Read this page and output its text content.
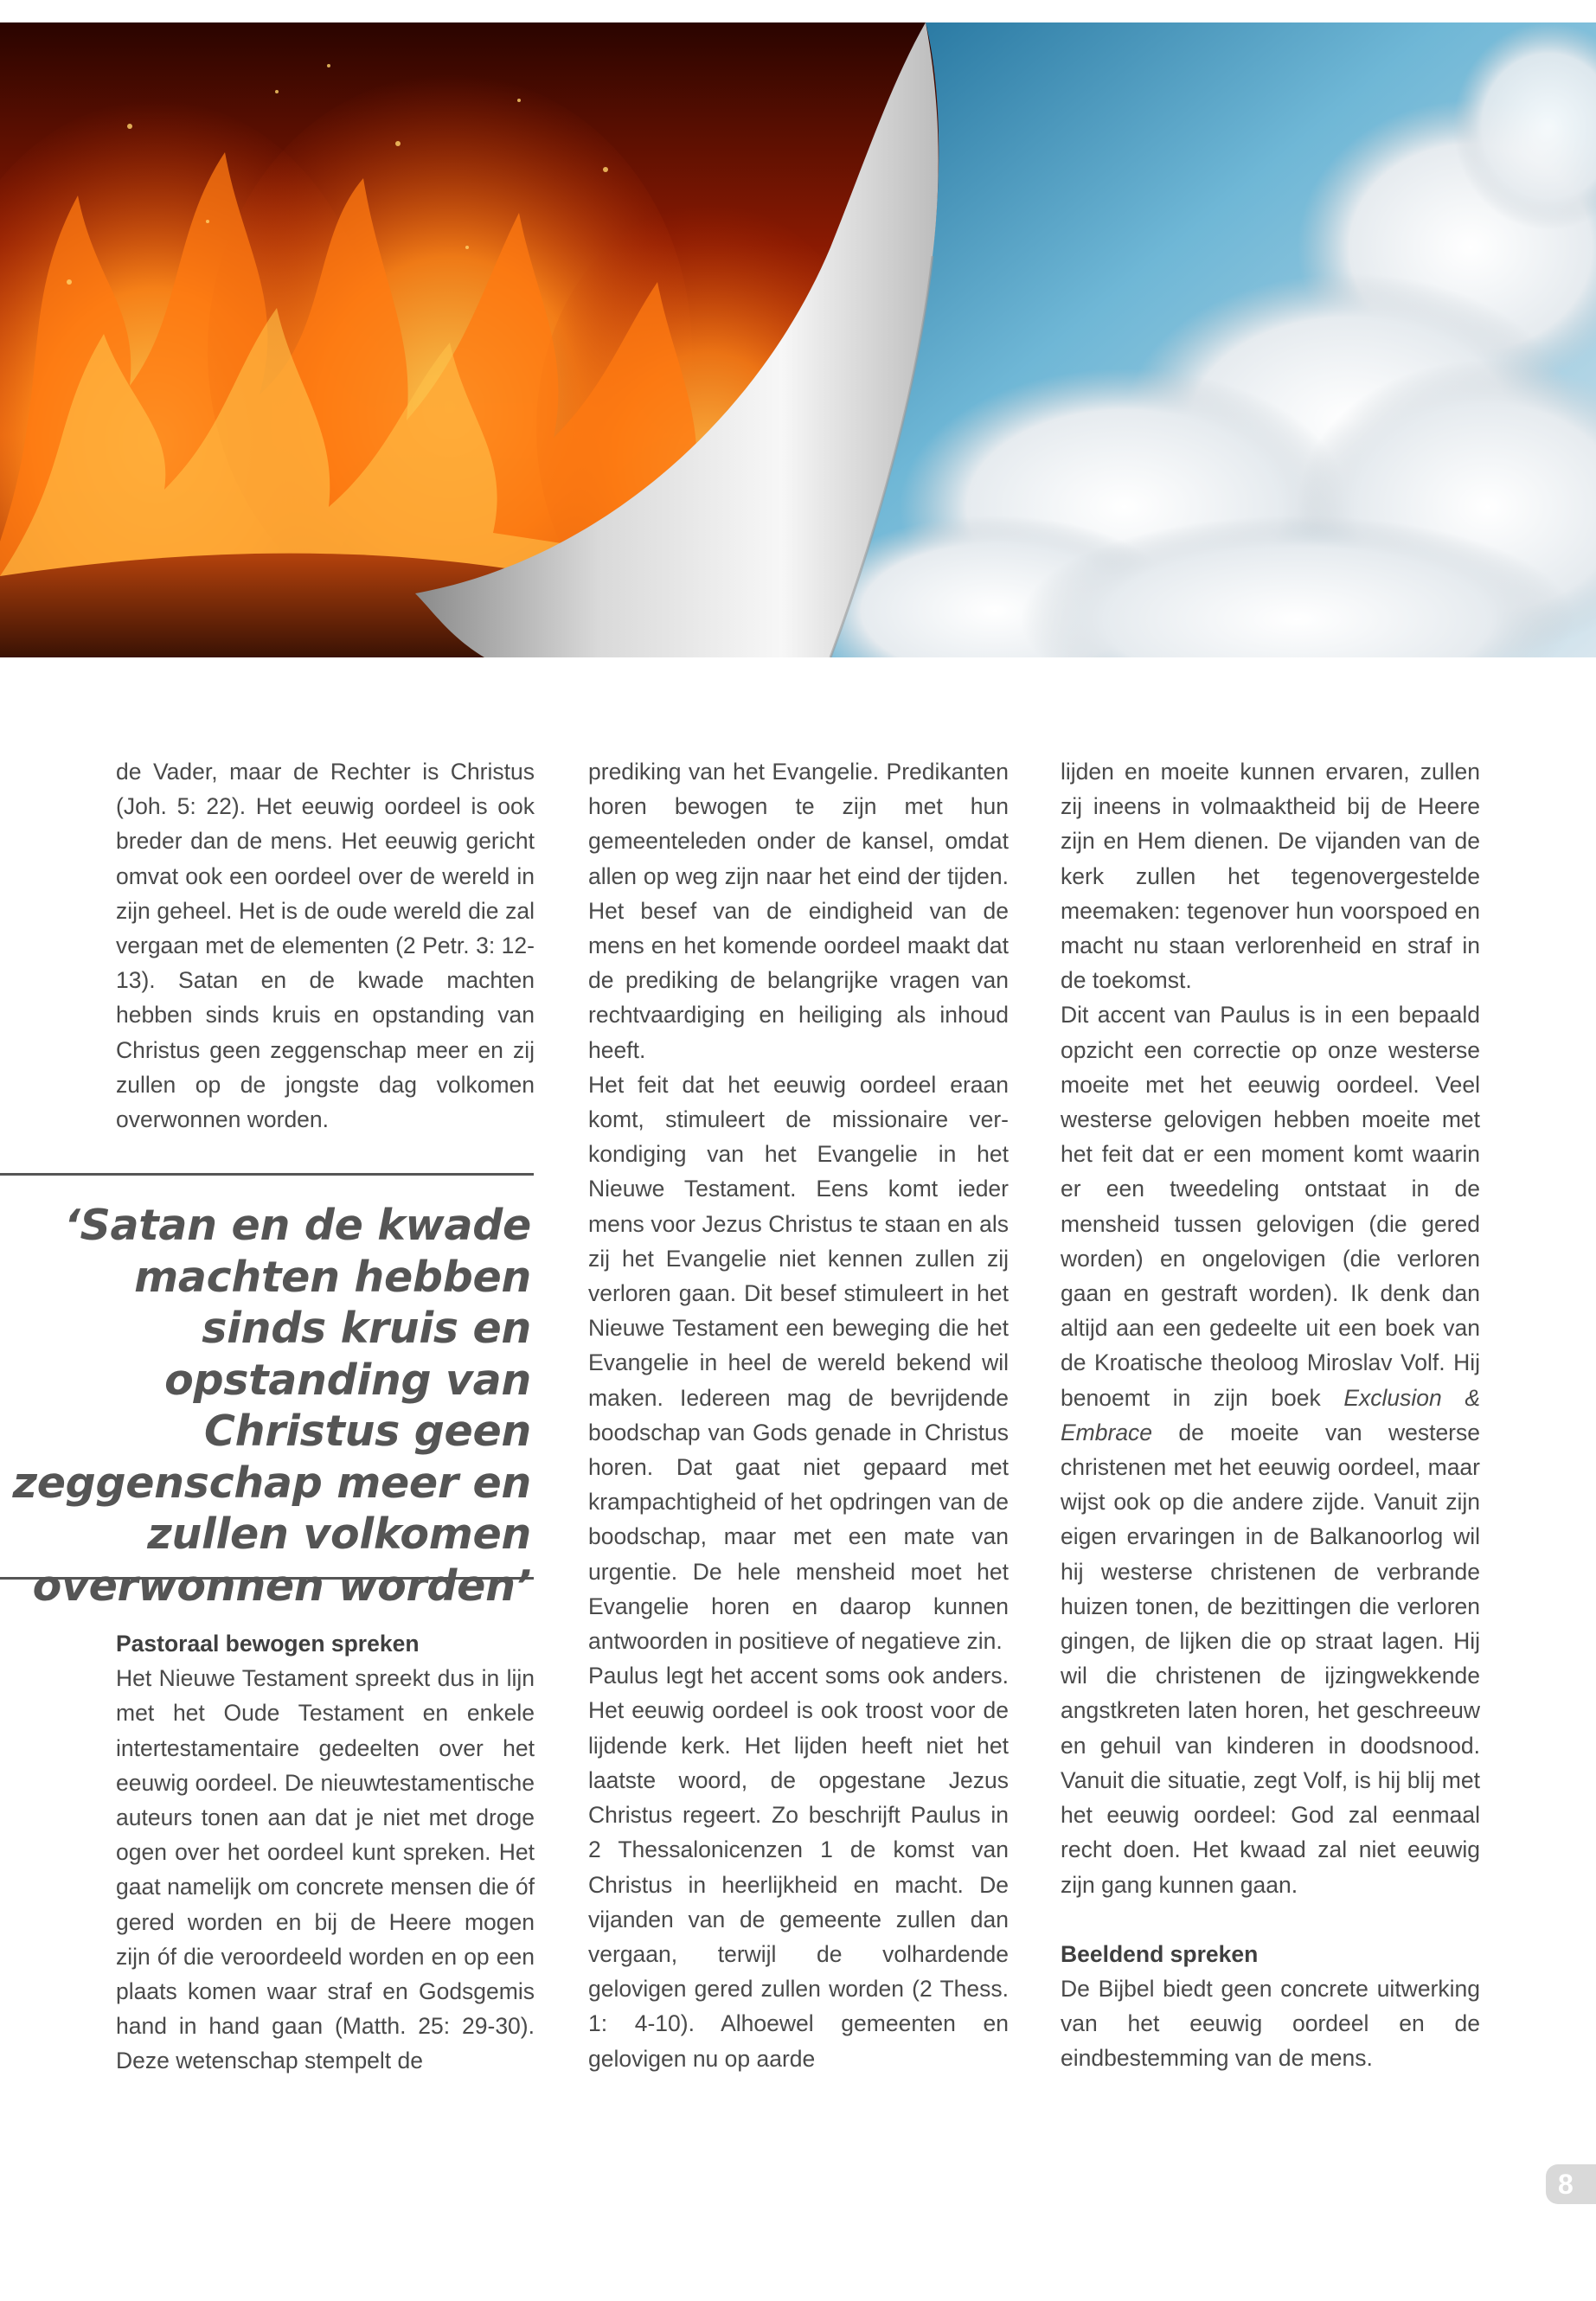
de Vader, maar de Rechter is Christus (Joh. 5: 22). Het eeuwig oordeel is ook breder dan de mens. Het eeuwig gericht omvat ook een oordeel over de wereld in zijn geheel. Het is de oude wereld die zal vergaan met de elementen (2 Petr. 3: 12-13). Satan en de kwade machten hebben sinds kruis en opstanding van Christus geen zeggenschap meer en zij zullen op de jongste dag volkomen overwonnen worden.

‘Satan en de kwade machten hebben sinds kruis en opstanding van Christus geen zeggenschap meer en zullen volkomen overwonnen worden’

Pastoraal bewogen spreken

Het Nieuwe Testament spreekt dus in lijn met het Oude Testament en enkele intertestamentaire gedeelten over het eeuwig oordeel. De nieuwtestamentische auteurs tonen aan dat je niet met droge ogen over het oordeel kunt spreken. Het gaat namelijk om concrete mensen die óf gered worden en bij de Heere mogen zijn óf die veroordeeld worden en op een plaats komen waar straf en Godsgemis hand in hand gaan (Matth. 25: 29-30). Deze wetenschap stempelt de

prediking van het Evangelie. Predikanten horen bewogen te zijn met hun gemeenteleden onder de kansel, omdat allen op weg zijn naar het eind der tijden. Het besef van de eindigheid van de mens en het komende oordeel maakt dat de prediking de belangrijke vragen van rechtvaardiging en heiliging als inhoud heeft.

Het feit dat het eeuwig oordeel eraan komt, stimuleert de missionaire verkondiging van het Evangelie in het Nieuwe Testament. Eens komt ieder mens voor Jezus Christus te staan en als zij het Evangelie niet kennen zullen zij verloren gaan. Dit besef stimuleert in het Nieuwe Testament een beweging die het Evangelie in heel de wereld bekend wil maken. Iedereen mag de bevrijdende boodschap van Gods genade in Christus horen. Dat gaat niet gepaard met krampachtigheid of het opdringen van de boodschap, maar met een mate van urgentie. De hele mensheid moet het Evangelie horen en daarop kunnen antwoorden in positieve of negatieve zin.

Paulus legt het accent soms ook anders. Het eeuwig oordeel is ook troost voor de lijdende kerk. Het lijden heeft niet het laatste woord, de opgestane Jezus Christus regeert. Zo beschrijft Paulus in 2 Thessalonicenzen 1 de komst van Christus in heerlijkheid en macht. De vijanden van de gemeente zullen dan vergaan, terwijl de volhardende gelovigen gered zullen worden (2 Thess. 1: 4-10). Alhoewel gemeenten en gelovigen nu op aarde

lijden en moeite kunnen ervaren, zullen zij ineens in volmaaktheid bij de Heere zijn en Hem dienen. De vijanden van de kerk zullen het tegenovergestelde meemaken: tegenover hun voorspoed en macht nu staan verlorenheid en straf in de toekomst.

Dit accent van Paulus is in een bepaald opzicht een correctie op onze westerse moeite met het eeuwig oordeel. Veel westerse gelovigen hebben moeite met het feit dat er een moment komt waarin er een tweedeling ontstaat in de mensheid tussen gelovigen (die gered worden) en ongelovigen (die verloren gaan en gestraft worden). Ik denk dan altijd aan een gedeelte uit een boek van de Kroatische theoloog Miroslav Volf. Hij benoemt in zijn boek Exclusion & Embrace de moeite van westerse christenen met het eeuwig oordeel, maar wijst ook op die andere zijde. Vanuit zijn eigen ervaringen in de Balkanoorlog wil hij westerse christenen de verbrande huizen tonen, de bezittingen die verloren gingen, de lijken die op straat lagen. Hij wil die christenen de ijzingwekkende angstkreten laten horen, het geschreeuw en gehuil van kinderen in doodsnood. Vanuit die situatie, zegt Volf, is hij blij met het eeuwig oordeel: God zal eenmaal recht doen. Het kwaad zal niet eeuwig zijn gang kunnen gaan.

Beeldend spreken

De Bijbel biedt geen concrete uitwerking van het eeuwig oordeel en de eindbestemming van de mens.

8
